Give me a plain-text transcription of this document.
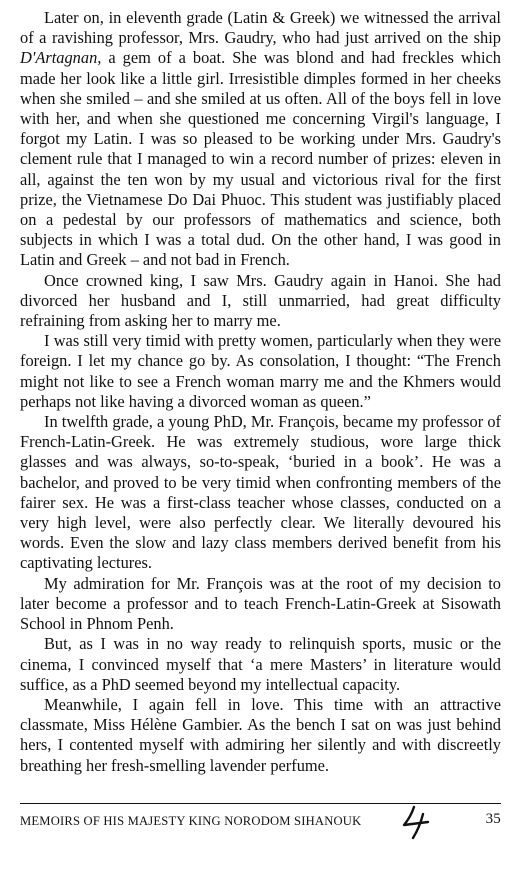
Later on, in eleventh grade (Latin & Greek) we witnessed the arrival of a ravishing professor, Mrs. Gaudry, who had just arrived on the ship D'Artagnan, a gem of a boat. She was blond and had freckles which made her look like a little girl. Irresistible dimples formed in her cheeks when she smiled – and she smiled at us often. All of the boys fell in love with her, and when she questioned me concerning Virgil's language, I forgot my Latin. I was so pleased to be working under Mrs. Gaudry's clement rule that I managed to win a record number of prizes: eleven in all, against the ten won by my usual and victorious rival for the first prize, the Vietnamese Do Dai Phuoc. This student was justifiably placed on a pedestal by our professors of mathematics and science, both subjects in which I was a total dud. On the other hand, I was good in Latin and Greek – and not bad in French.

Once crowned king, I saw Mrs. Gaudry again in Hanoi. She had divorced her husband and I, still unmarried, had great difficulty refraining from asking her to marry me.

I was still very timid with pretty women, particularly when they were foreign. I let my chance go by. As consolation, I thought: “The French might not like to see a French woman marry me and the Khmers would perhaps not like having a divorced woman as queen.”

In twelfth grade, a young PhD, Mr. François, became my professor of French-Latin-Greek. He was extremely studious, wore large thick glasses and was always, so-to-speak, ‘buried in a book’. He was a bachelor, and proved to be very timid when confronting members of the fairer sex. He was a first-class teacher whose classes, conducted on a very high level, were also perfectly clear. We literally devoured his words. Even the slow and lazy class members derived benefit from his captivating lectures.

My admiration for Mr. François was at the root of my decision to later become a professor and to teach French-Latin-Greek at Sisowath School in Phnom Penh.

But, as I was in no way ready to relinquish sports, music or the cinema, I convinced myself that ‘a mere Masters’ in literature would suffice, as a PhD seemed beyond my intellectual capacity.

Meanwhile, I again fell in love. This time with an attractive classmate, Miss Hélène Gambier. As the bench I sat on was just behind hers, I contented myself with admiring her silently and with discreetly breathing her fresh-smelling lavender perfume.

MEMOIRS OF HIS MAJESTY KING NORODOM SIHANOUK	35
